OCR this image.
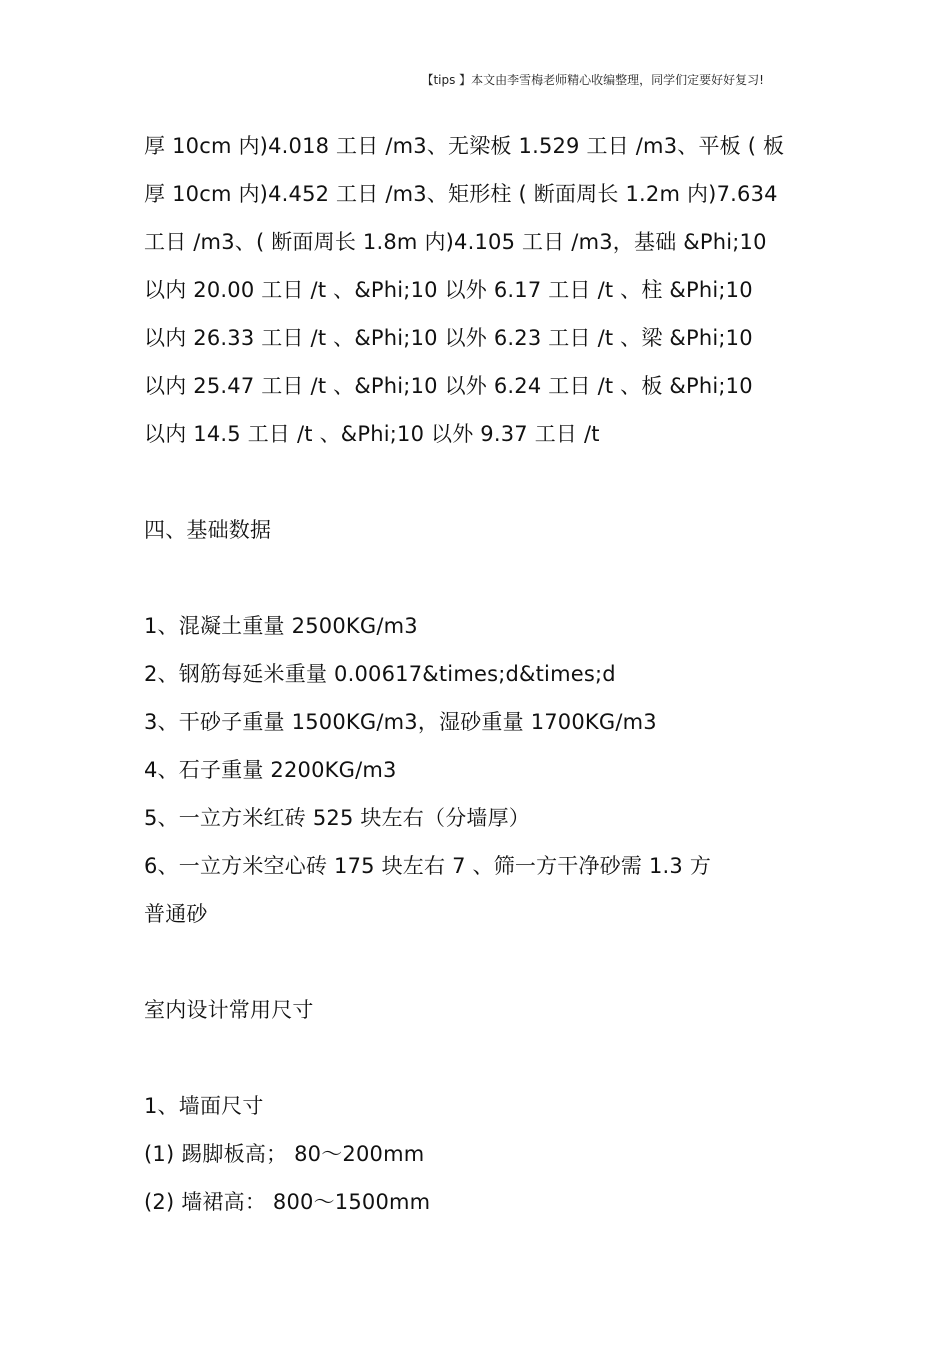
【tips 】本文由李雪梅老师精心收编整理，同学们定要好好复习!
厚 10cm 内)4.018 工日 /m3、无梁板 1.529 工日 /m3、平板 ( 板
厚 10cm 内)4.452 工日 /m3、矩形柱 ( 断面周长 1.2m 内)7.634
工日 /m3、( 断面周长 1.8m 内)4.105 工日 /m3，基础 &Phi;10
以内 20.00 工日 /t 、&Phi;10 以外 6.17 工日 /t 、柱 &Phi;10
以内 26.33 工日 /t 、&Phi;10 以外 6.23 工日 /t 、梁 &Phi;10
以内 25.47 工日 /t 、&Phi;10 以外 6.24 工日 /t 、板 &Phi;10
以内 14.5 工日 /t 、&Phi;10 以外 9.37 工日 /t
四、基础数据
1、混凝土重量 2500KG/m3
2、钢筋每延米重量 0.00617&times;d&times;d
3、干砂子重量 1500KG/m3，湿砂重量 1700KG/m3
4、石子重量 2200KG/m3
5、一立方米红砖 525 块左右（分墙厚）
6、一立方米空心砖 175 块左右 7 、筛一方干净砂需 1.3 方
普通砂
室内设计常用尺寸
1、墙面尺寸
(1) 踢脚板高； 80～200mm
(2) 墙裙高： 800～1500mm
